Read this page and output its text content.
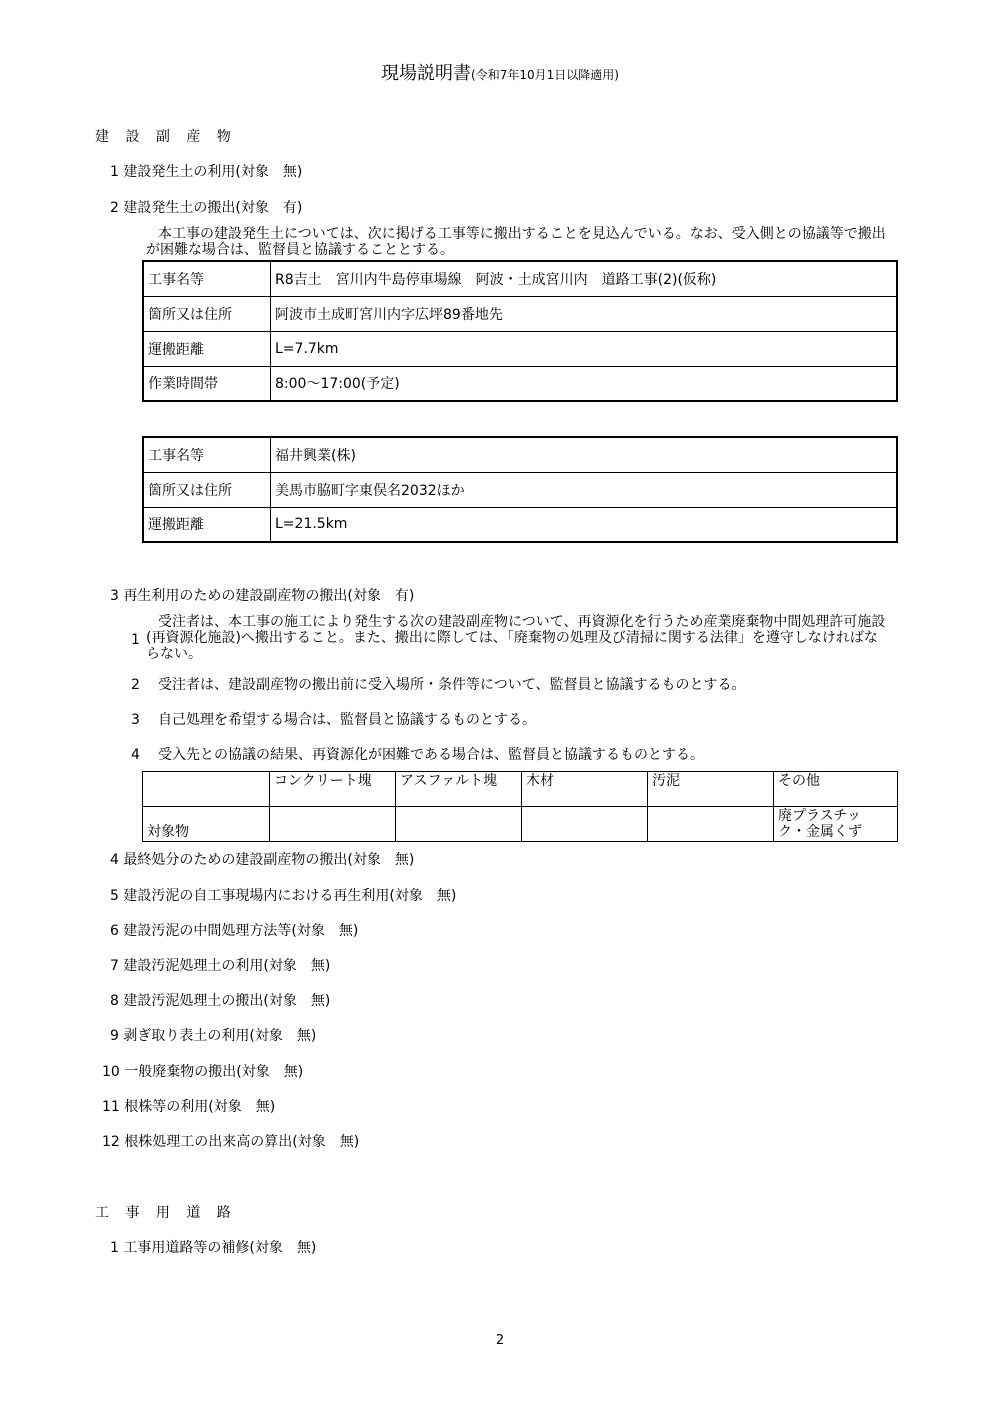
現場説明書(令和7年10月1日以降適用)
建 設 副 産 物
1 建設発生土の利用(対象　無)
2 建設発生土の搬出(対象　有)
本工事の建設発生土については、次に掲げる工事等に搬出することを見込んでいる。なお、受入側との協議等で搬出が困難な場合は、監督員と協議することとする。
工事名等	R8吉土　宮川内牛島停車場線　阿波・土成宮川内　道路工事(2)(仮称)
箇所又は住所	阿波市土成町宮川内字広坪89番地先
運搬距離	L=7.7km
作業時間帯	8:00～17:00(予定)
工事名等	福井興業(株)
箇所又は住所	美馬市脇町字東俣名2032ほか
運搬距離	L=21.5km
3 再生利用のための建設副産物の搬出(対象　有)
1
受注者は、本工事の施工により発生する次の建設副産物について、再資源化を行うため産業廃棄物中間処理許可施設(再資源化施設)へ搬出すること。また、搬出に際しては、「廃棄物の処理及び清掃に関する法律」を遵守しなければならない。
2 受注者は、建設副産物の搬出前に受入場所・条件等について、監督員と協議するものとする。
3 自己処理を希望する場合は、監督員と協議するものとする。
4 受入先との協議の結果、再資源化が困難である場合は、監督員と協議するものとする。
	コンクリート塊	アスファルト塊	木材	汚泥	その他
対象物					廃プラスチック・金属くず
4 最終処分のための建設副産物の搬出(対象　無)
5 建設汚泥の自工事現場内における再生利用(対象　無)
6 建設汚泥の中間処理方法等(対象　無)
7 建設汚泥処理土の利用(対象　無)
8 建設汚泥処理土の搬出(対象　無)
9 剥ぎ取り表土の利用(対象　無)
10 一般廃棄物の搬出(対象　無)
11 根株等の利用(対象　無)
12 根株処理工の出来高の算出(対象　無)
工 事 用 道 路
1 工事用道路等の補修(対象　無)
2
